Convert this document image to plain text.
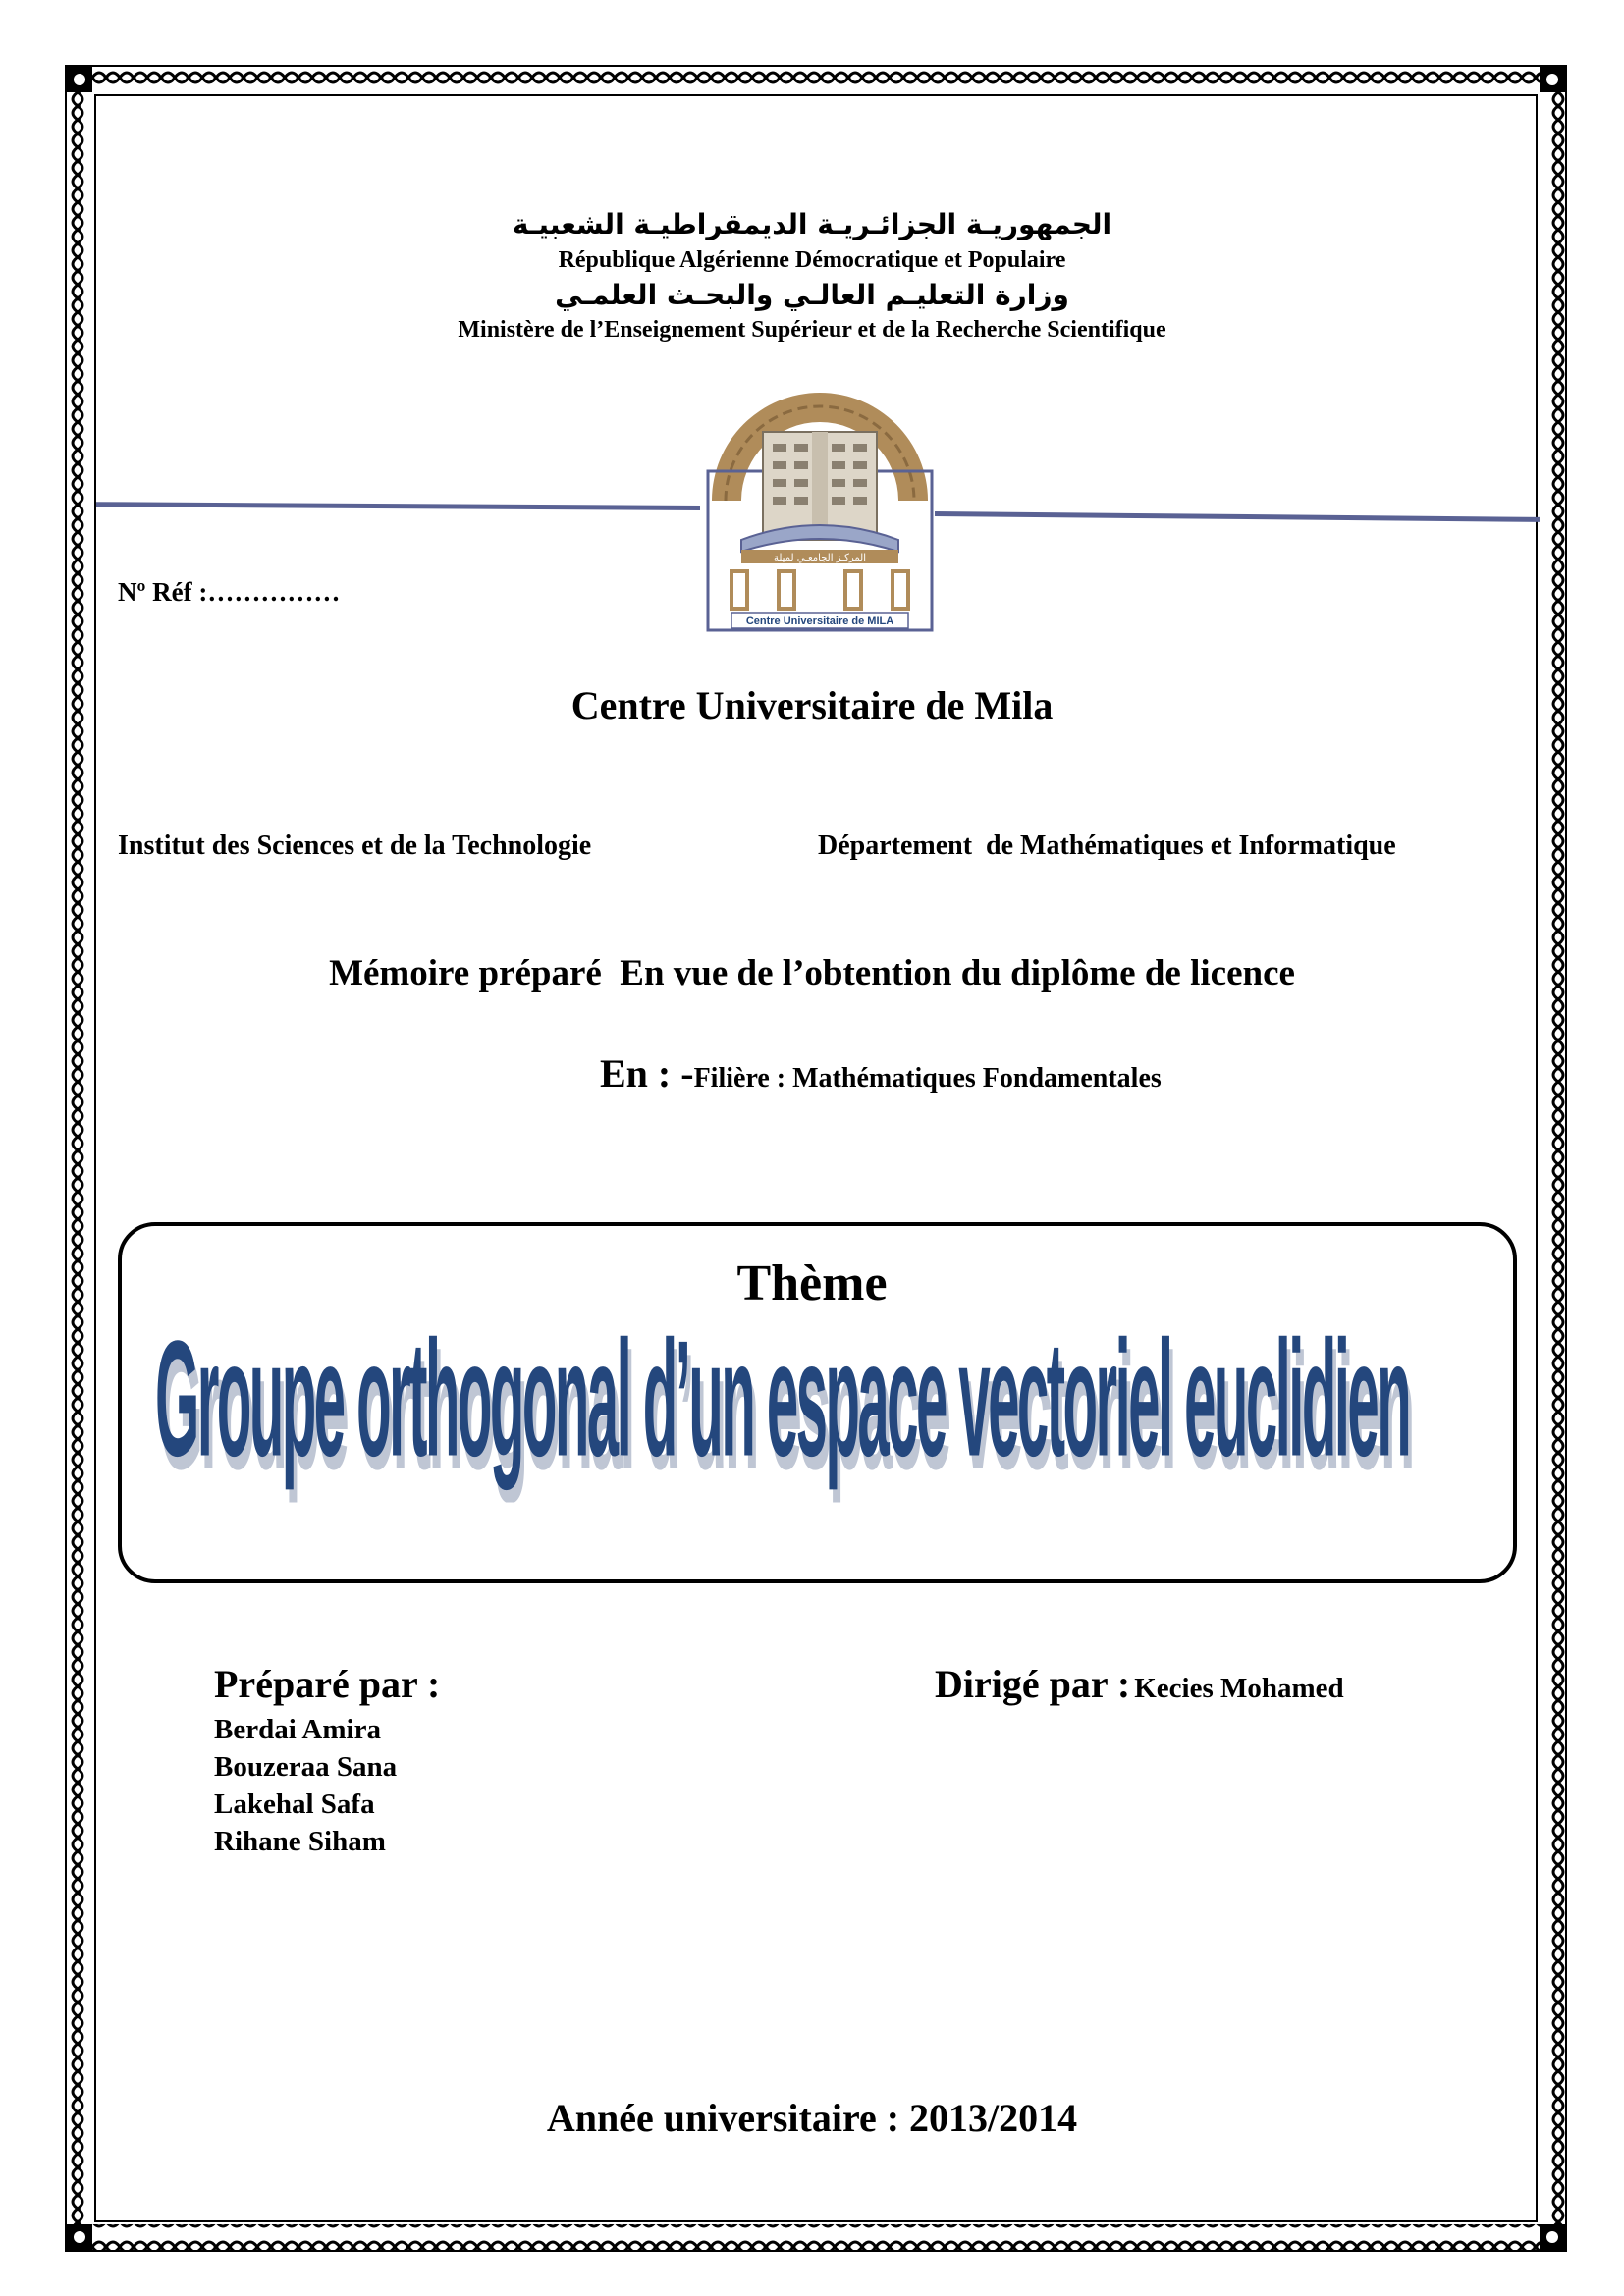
الجمهوريـة الجزائـريـة الديمقراطيـة الشعبيـة
République Algérienne Démocratique et Populaire
وزارة التعليـم العالـي والبحـث العلمـي
Ministère de l’Enseignement Supérieur et de la Recherche Scientifique
المركـز الجامعـي لميلة
Centre Universitaire de MILA
Nº Réf :……………
Centre Universitaire de Mila
Institut des Sciences et de la Technologie	Département  de Mathématiques et Informatique
Mémoire préparé  En vue de l’obtention du diplôme de licence
En : -Filière : Mathématiques Fondamentales
Thème
Groupe orthogonal d’un espace vectoriel euclidien
Préparé par :
Berdai Amira
Bouzeraa Sana
Lakehal Safa
Rihane Siham
Dirigé par : Kecies Mohamed
Année universitaire : 2013/2014
